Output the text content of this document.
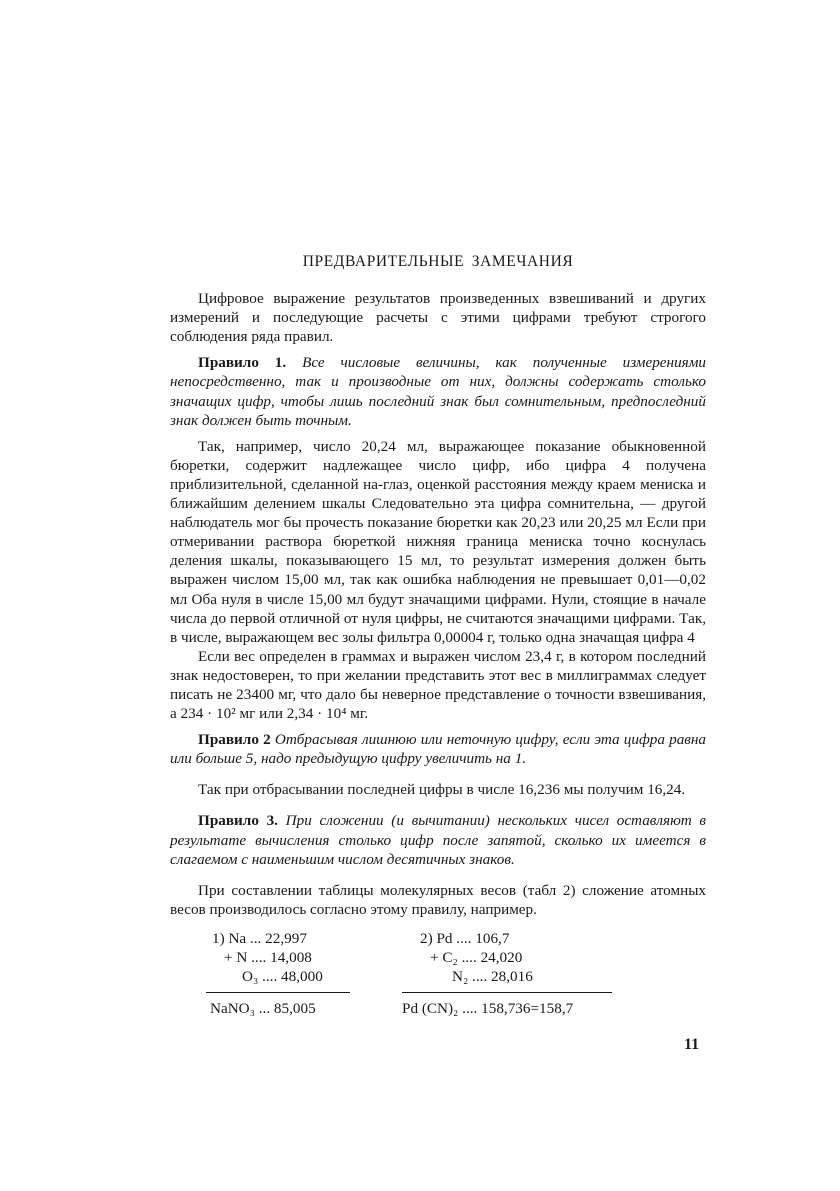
ПРЕДВАРИТЕЛЬНЫЕ ЗАМЕЧАНИЯ

Цифровое выражение результатов произведенных взвешиваний и других измерений и последующие расчеты с этими цифрами требуют строгого соблюдения ряда правил.

Правило 1. Все числовые величины, как полученные измерениями непосредственно, так и производные от них, должны содержать столько значащих цифр, чтобы лишь последний знак был сомнительным, предпоследний знак должен быть точным.

Так, например, число 20,24 мл, выражающее показание обыкновенной бюретки, содержит надлежащее число цифр, ибо цифра 4 получена приблизительной, сделанной на-глаз, оценкой расстояния между краем мениска и ближайшим делением шкалы Следовательно эта цифра сомнительна, — другой наблюдатель мог бы прочесть показание бюретки как 20,23 или 20,25 мл Если при отмеривании раствора бюреткой нижняя граница мениска точно коснулась деления шкалы, показывающего 15 мл, то результат измерения должен быть выражен числом 15,00 мл, так как ошибка наблюдения не превышает 0,01—0,02 мл Оба нуля в числе 15,00 мл будут значащими цифрами. Нули, стоящие в начале числа до первой отличной от нуля цифры, не считаются значащими цифрами. Так, в числе, выражающем вес золы фильтра 0,00004 г, только одна значащая цифра 4

Если вес определен в граммах и выражен числом 23,4 г, в котором последний знак недостоверен, то при желании представить этот вес в миллиграммах следует писать не 23400 мг, что дало бы неверное представление о точности взвешивания, а 234 · 10² мг или 2,34 · 10⁴ мг.

Правило 2 Отбрасывая лишнюю или неточную цифру, если эта цифра равна или больше 5, надо предыдущую цифру увеличить на 1.

Так при отбрасывании последней цифры в числе 16,236 мы получим 16,24.

Правило 3. При сложении (и вычитании) нескольких чисел оставляют в результате вычисления столько цифр после запятой, сколько их имеется в слагаемом с наименьшим числом десятичных знаков.

При составлении таблицы молекулярных весов (табл 2) сложение атомных весов производилось согласно этому правилу, например.

1) Na ... 22,997
+ N .... 14,008
O₃ .... 48,000
2) Pd .... 106,7
+ C₂ .... 24,020
N₂ .... 28,016
NaNO₃ ... 85,005	Pd (CN)₂ .... 158,736=158,7
11
